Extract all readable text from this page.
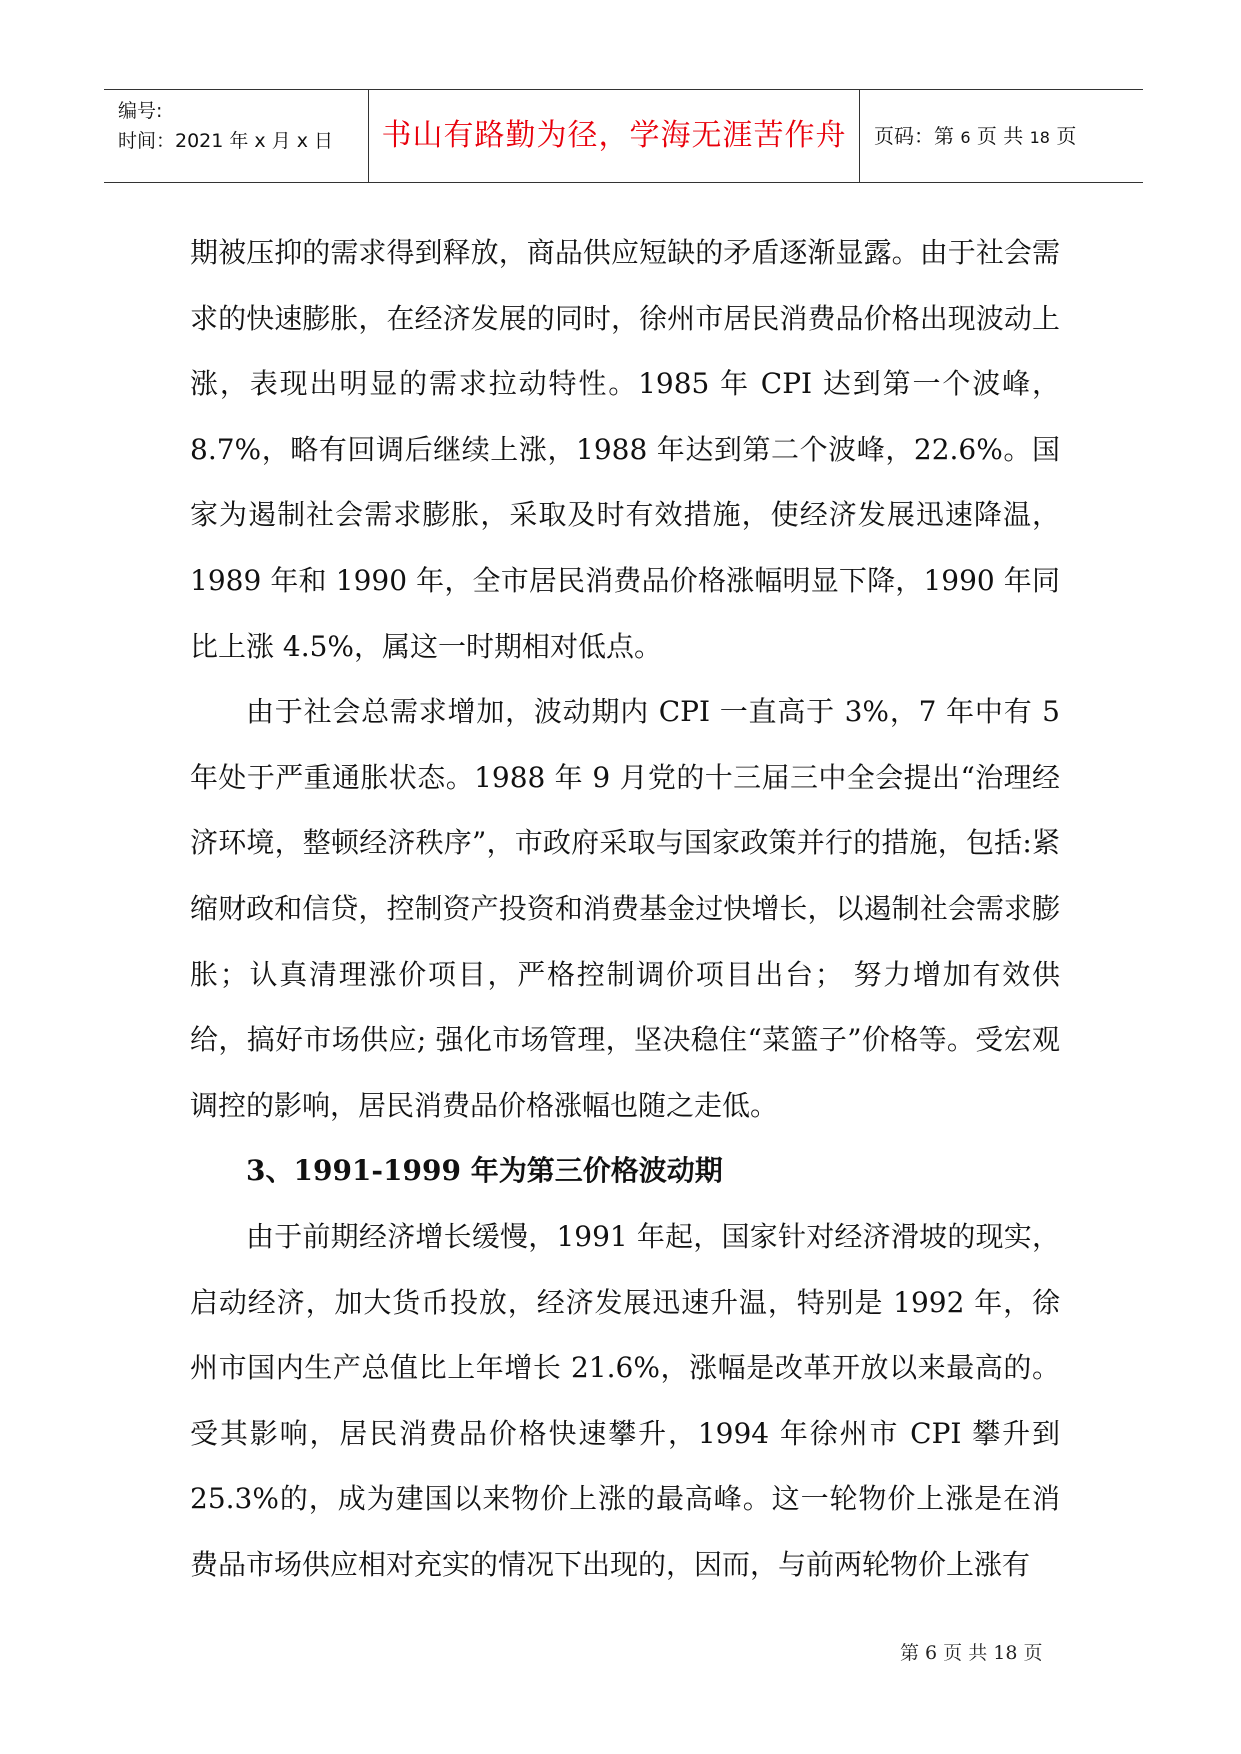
编号:
时间：2021 年 x 月 x 日	书山有路勤为径，学海无涯苦作舟	页码：第 6 页 共 18 页

期被压抑的需求得到释放，商品供应短缺的矛盾逐渐显露。由于社会需求的快速膨胀，在经济发展的同时，徐州市居民消费品价格出现波动上涨，表现出明显的需求拉动特性。1985 年 CPI 达到第一个波峰，8.7%，略有回调后继续上涨，1988 年达到第二个波峰，22.6%。国家为遏制社会需求膨胀，采取及时有效措施，使经济发展迅速降温，1989 年和 1990 年，全市居民消费品价格涨幅明显下降，1990 年同比上涨 4.5%，属这一时期相对低点。

由于社会总需求增加，波动期内 CPI 一直高于 3%，7 年中有 5 年处于严重通胀状态。1988 年 9 月党的十三届三中全会提出“治理经济环境，整顿经济秩序”，市政府采取与国家政策并行的措施，包括:紧缩财政和信贷，控制资产投资和消费基金过快增长，以遏制社会需求膨胀；认真清理涨价项目，严格控制调价项目出台； 努力增加有效供给，搞好市场供应; 强化市场管理，坚决稳住“菜篮子”价格等。受宏观调控的影响，居民消费品价格涨幅也随之走低。

3、1991-1999 年为第三价格波动期

由于前期经济增长缓慢，1991 年起，国家针对经济滑坡的现实，启动经济，加大货币投放，经济发展迅速升温，特别是 1992 年，徐州市国内生产总值比上年增长 21.6%，涨幅是改革开放以来最高的。受其影响，居民消费品价格快速攀升，1994 年徐州市 CPI 攀升到 25.3%的，成为建国以来物价上涨的最高峰。这一轮物价上涨是在消费品市场供应相对充实的情况下出现的，因而，与前两轮物价上涨有

第 6 页 共 18 页
